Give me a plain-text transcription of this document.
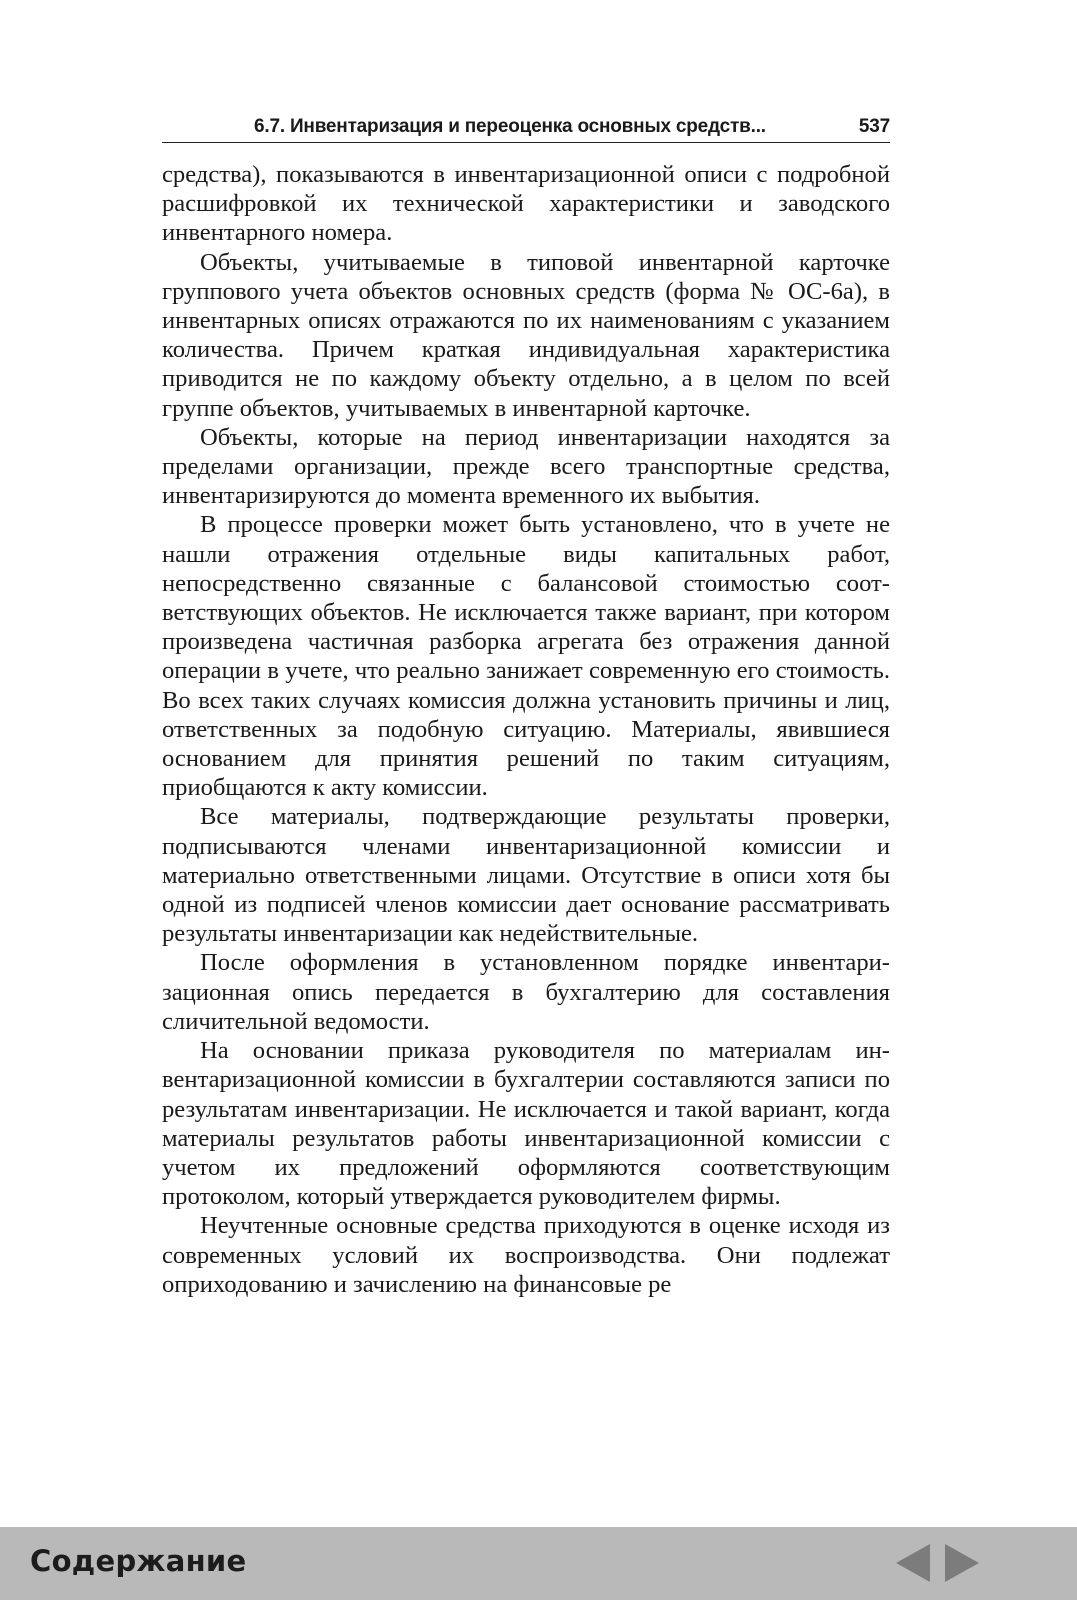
6.7. Инвентаризация и переоценка основных средств...	537

средства), показываются в инвентаризационной описи с подробной расшифровкой их технической характеристики и заводского инвентарного номера.

Объекты, учитываемые в типовой инвентарной карточке группового учета объектов основных средств (форма № ОС-6а), в инвентарных описях отражаются по их наименованиям с указанием количества. Причем краткая индивидуальная характеристика приводится не по каждому объекту отдельно, а в целом по всей группе объектов, учитываемых в инвентарной карточке.

Объекты, которые на период инвентаризации находятся за пределами организации, прежде всего транспортные средства, инвентаризируются до момента временного их выбытия.

В процессе проверки может быть установлено, что в учете не нашли отражения отдельные виды капитальных работ, непосредственно связанные с балансовой стоимостью соответствующих объектов. Не исключается также вариант, при котором произведена частичная разборка агрегата без отражения данной операции в учете, что реально занижает современную его стоимость. Во всех таких случаях комиссия должна установить причины и лиц, ответственных за подобную ситуацию. Материалы, явившиеся основанием для принятия решений по таким ситуациям, приобщаются к акту комиссии.

Все материалы, подтверждающие результаты проверки, подписываются членами инвентаризационной комиссии и материально ответственными лицами. Отсутствие в описи хотя бы одной из подписей членов комиссии дает основание рассматривать результаты инвентаризации как недействительные.

После оформления в установленном порядке инвентаризационная опись передается в бухгалтерию для составления сличительной ведомости.

На основании приказа руководителя по материалам инвентаризационной комиссии в бухгалтерии составляются записи по результатам инвентаризации. Не исключается и такой вариант, когда материалы результатов работы инвентаризационной комиссии с учетом их предложений оформляются соответствующим протоколом, который утверждается руководителем фирмы.

Неучтенные основные средства приходуются в оценке исходя из современных условий их воспроизводства. Они подлежат оприходованию и зачислению на финансовые ре

Содержание
